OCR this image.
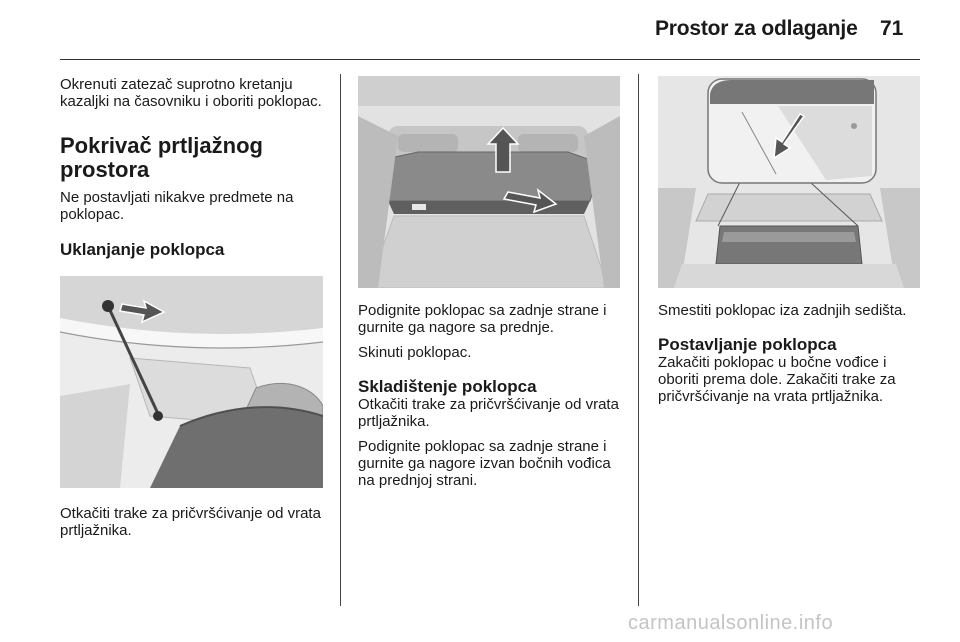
Prostor za odlaganje 71

Okrenuti zatezač suprotno kretanju kazaljki na časovniku i oboriti poklopac.

Pokrivač prtljažnog prostora

Ne postavljati nikakve predmete na poklopac.

Uklanjanje poklopca

Otkačiti trake za pričvršćivanje od vrata prtljažnika.

Podignite poklopac sa zadnje strane i gurnite ga nagore sa prednje.

Skinuti poklopac.

Skladištenje poklopca

Otkačiti trake za pričvršćivanje od vrata prtljažnika.

Podignite poklopac sa zadnje strane i gurnite ga nagore izvan bočnih vođica na prednjoj strani.

Smestiti poklopac iza zadnjih sedišta.

Postavljanje poklopca

Zakačiti poklopac u bočne vođice i oboriti prema dole. Zakačiti trake za pričvršćivanje na vrata prtljažnika.

carmanualsonline.info
